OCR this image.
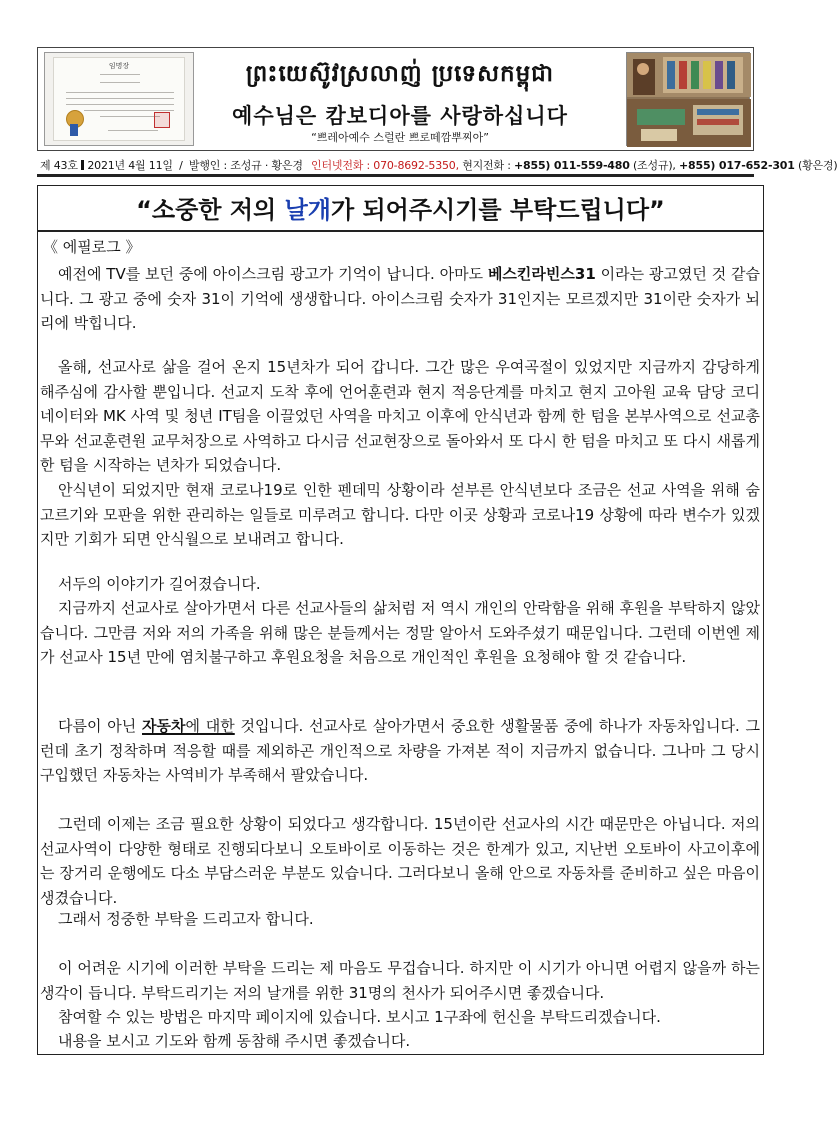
임명장	ព្រះយេស៊ូវស្រលាញ់ ប្រទេសកម្ពុជា
예수님은 캄보디아를 사랑하십니다
“쁘레아예수 스럴란 쁘로떼깜뿌찌아”
제 43호 2021년 4월 11일 / 발행인 : 조성규 · 황은경 인터넷전화 : 070-8692-5350, 현지전화 : +855) 011-559-480 (조성규), +855) 017-652-301 (황은경)
“소중한 저의 날개가 되어주시기를 부탁드립니다”
《 에필로그 》
예전에 TV를 보던 중에 아이스크림 광고가 기억이 납니다. 아마도 베스킨라빈스31 이라는 광고였던 것 같습니다. 그 광고 중에 숫자 31이 기억에 생생합니다. 아이스크림 숫자가 31인지는 모르겠지만 31이란 숫자가 뇌리에 박힙니다.
올해, 선교사로 삶을 걸어 온지 15년차가 되어 갑니다. 그간 많은 우여곡절이 있었지만 지금까지 감당하게 해주심에 감사할 뿐입니다. 선교지 도착 후에 언어훈련과 현지 적응단계를 마치고 현지 고아원 교육 담당 코디네이터와 MK 사역 및 청년 IT팀을 이끌었던 사역을 마치고 이후에 안식년과 함께 한 텀을 본부사역으로 선교총무와 선교훈련원 교무처장으로 사역하고 다시금 선교현장으로 돌아와서 또 다시 한 텀을 마치고 또 다시 새롭게 한 텀을 시작하는 년차가 되었습니다.
안식년이 되었지만 현재 코로나19로 인한 펜데믹 상황이라 섣부른 안식년보다 조금은 선교 사역을 위해 숨고르기와 모판을 위한 관리하는 일들로 미루려고 합니다. 다만 이곳 상황과 코로나19 상황에 따라 변수가 있겠지만 기회가 되면 안식월으로 보내려고 합니다.
서두의 이야기가 길어졌습니다.
지금까지 선교사로 살아가면서 다른 선교사들의 삶처럼 저 역시 개인의 안락함을 위해 후원을 부탁하지 않았습니다. 그만큼 저와 저의 가족을 위해 많은 분들께서는 정말 알아서 도와주셨기 때문입니다. 그런데 이번엔 제가 선교사 15년 만에 염치불구하고 후원요청을 처음으로 개인적인 후원을 요청해야 할 것 같습니다.
다름이 아닌 자동차에 대한 것입니다. 선교사로 살아가면서 중요한 생활물품 중에 하나가 자동차입니다. 그런데 초기 정착하며 적응할 때를 제외하곤 개인적으로 차량을 가져본 적이 지금까지 없습니다. 그나마 그 당시 구입했던 자동차는 사역비가 부족해서 팔았습니다.
그런데 이제는 조금 필요한 상황이 되었다고 생각합니다. 15년이란 선교사의 시간 때문만은 아닙니다. 저의 선교사역이 다양한 형태로 진행되다보니 오토바이로 이동하는 것은 한계가 있고, 지난번 오토바이 사고이후에는 장거리 운행에도 다소 부담스러운 부분도 있습니다. 그러다보니 올해 안으로 자동차를 준비하고 싶은 마음이 생겼습니다.
그래서 정중한 부탁을 드리고자 합니다.
이 어려운 시기에 이러한 부탁을 드리는 제 마음도 무겁습니다. 하지만 이 시기가 아니면 어렵지 않을까 하는 생각이 듭니다. 부탁드리기는 저의 날개를 위한 31명의 천사가 되어주시면 좋겠습니다.
참여할 수 있는 방법은 마지막 페이지에 있습니다. 보시고 1구좌에 헌신을 부탁드리겠습니다.
내용을 보시고 기도와 함께 동참해 주시면 좋겠습니다.
